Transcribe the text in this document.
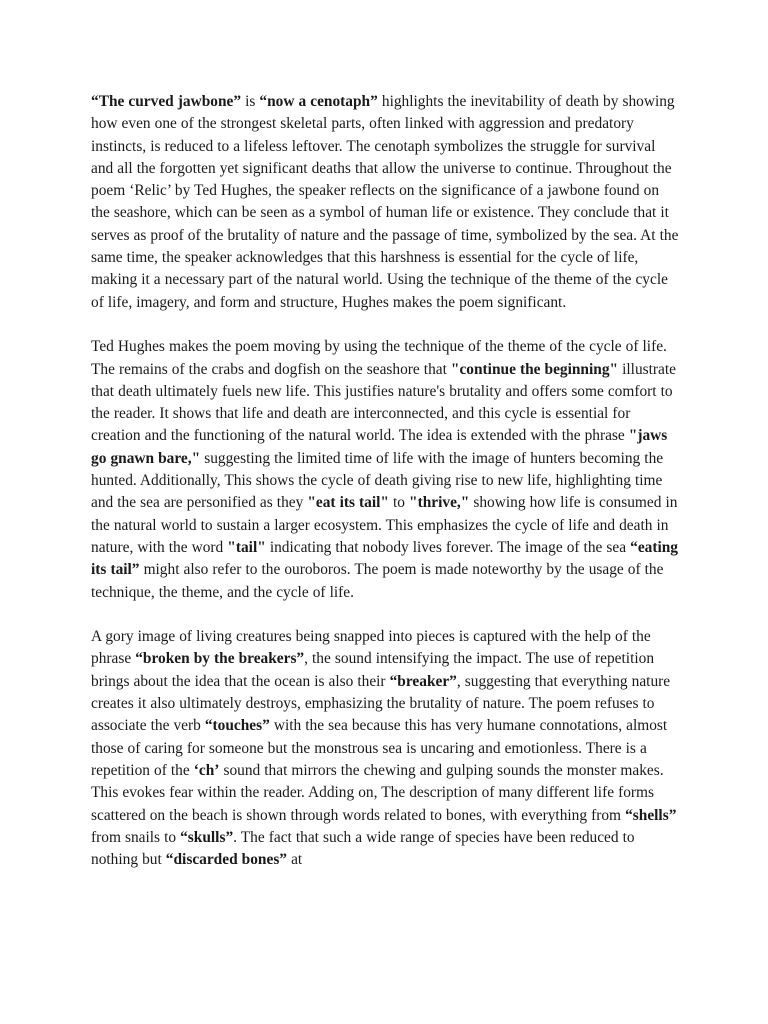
“The curved jawbone” is “now a cenotaph” highlights the inevitability of death by showing how even one of the strongest skeletal parts, often linked with aggression and predatory instincts, is reduced to a lifeless leftover. The cenotaph symbolizes the struggle for survival and all the forgotten yet significant deaths that allow the universe to continue. Throughout the poem ‘Relic’ by Ted Hughes, the speaker reflects on the significance of a jawbone found on the seashore, which can be seen as a symbol of human life or existence. They conclude that it serves as proof of the brutality of nature and the passage of time, symbolized by the sea. At the same time, the speaker acknowledges that this harshness is essential for the cycle of life, making it a necessary part of the natural world. Using the technique of the theme of the cycle of life, imagery, and form and structure, Hughes makes the poem significant.

Ted Hughes makes the poem moving by using the technique of the theme of the cycle of life. The remains of the crabs and dogfish on the seashore that "continue the beginning" illustrate that death ultimately fuels new life. This justifies nature's brutality and offers some comfort to the reader. It shows that life and death are interconnected, and this cycle is essential for creation and the functioning of the natural world. The idea is extended with the phrase "jaws go gnawn bare," suggesting the limited time of life with the image of hunters becoming the hunted. Additionally, This shows the cycle of death giving rise to new life, highlighting time and the sea are personified as they "eat its tail" to "thrive," showing how life is consumed in the natural world to sustain a larger ecosystem. This emphasizes the cycle of life and death in nature, with the word "tail" indicating that nobody lives forever. The image of the sea “eating its tail” might also refer to the ouroboros. The poem is made noteworthy by the usage of the technique, the theme, and the cycle of life.

A gory image of living creatures being snapped into pieces is captured with the help of the phrase “broken by the breakers”, the sound intensifying the impact. The use of repetition brings about the idea that the ocean is also their “breaker”, suggesting that everything nature creates it also ultimately destroys, emphasizing the brutality of nature. The poem refuses to associate the verb “touches” with the sea because this has very humane connotations, almost those of caring for someone but the monstrous sea is uncaring and emotionless. There is a repetition of the ‘ch’ sound that mirrors the chewing and gulping sounds the monster makes. This evokes fear within the reader. Adding on, The description of many different life forms scattered on the beach is shown through words related to bones, with everything from “shells” from snails to “skulls”. The fact that such a wide range of species have been reduced to nothing but “discarded bones” at
